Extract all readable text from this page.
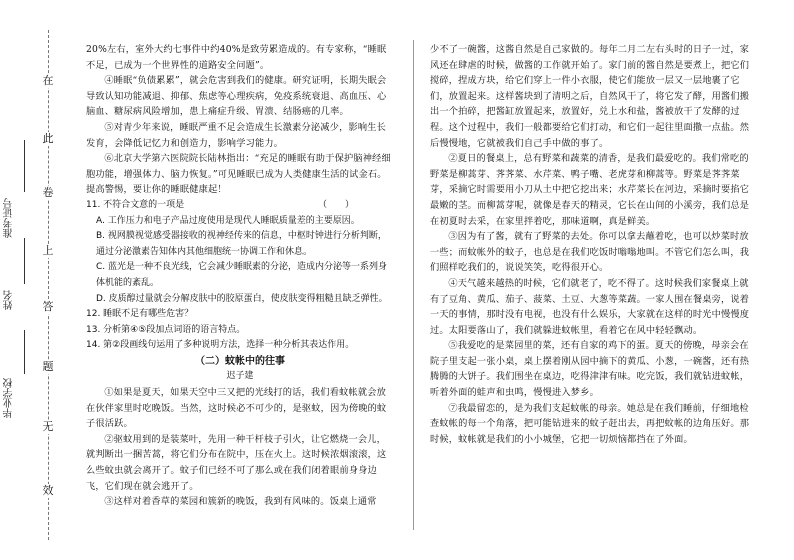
在
此
卷
上
答
题
无
效
准考证号
姓名
毕业学校

20%左右，室外大约七事件中约40%是致劳累造成的。有专家称，“睡眠不足，已成为一个世界性的道路安全问题”。

④睡眠“负债累累”，就会危害到我们的健康。研究证明，长期失眠会导致认知功能减退、抑郁、焦虑等心理疾病，免疫系统衰退、高血压、心脑血、糖尿病风险增加，患上痛症升级、胃溃、结肠癌的几率。

⑤对青少年来说，睡眠严重不足会造成生长激素分泌减少，影响生长发育，会降低记忆力和创造力，影响学习能力。

⑥北京大学第六医院院长陆林指出：“充足的睡眠有助于保护脑神经细胞功能，增强体力、脑力恢复。”可见睡眠已成为人类健康生活的试金石。提高警惕，要让你的睡眠健康起！

11. 不符合文意的一项是	（　　）

A. 工作压力和电子产品过度使用是现代人睡眠质量差的主要原因。

B. 视网膜视觉感受器接收的视神经传来的信息，中枢时钟进行分析判断，通过分泌激素告知体内其他细胞统一协调工作和休息。

C. 蓝光是一种不良光线，它会减少睡眠素的分泌，造成内分泌等一系列身体机能的紊乱。

D. 皮质醇过量就会分解皮肤中的胶原蛋白，使皮肤变得粗糙且缺乏弹性。

12. 睡眠不足有哪些危害？

13. 分析第④⑤段加点词语的语言特点。

14. 第②段画线句运用了多种说明方法，选择一种分析其表达作用。

（二）蚊帐中的往事

迟子建

①如果是夏天，如果天空中三又把的光线打的话，我们看蚊帐就会放在伙伴家里时吃晚饭。当然，这时候必不可少的，是驱蚊，因为傍晚的蚊子很活跃。

②驱蚊用到的是装菜叶，先用一种干杆枝子引火，让它燃烧一会儿，就判断出一捆苦蒿，将它们分布在院中，压在火上。这时候浓烟滚滚，这么些蚊虫就会离开了。蚊子们已经不可了那么或在我们闭着眼前身身边飞，它们现在就会逃开了。

③这样对着香草的菜园和簇新的晚饭，我到有风味的。饭桌上通常

少不了一碗酱，这酱自然是自己家做的。每年二月二左右头时的日子一过，家风还在肆虐的时候，做酱的工作就开始了。家门前的酱自然是要煮上，把它们搅碎，捏成方块，给它们穿上一件小衣服，使它们能放一层又一层地裹了它们，放置起来。这样酱块到了清明之后，自然风干了，将它发了酵，用酱们搬出一个拍碎，把酱缸放置起来，放置好，兑上水和盐，酱被放干了发酵的过程。这个过程中，我们一般都要给它们打动，和它们一起往里面撒一点盐。然后慢慢地，它就被我们自己手中做的事了。

②夏日的餐桌上，总有野菜和蔬菜的清香，是我们最爱吃的。我们常吃的野菜是柳蒿芽、荠荠菜、水芹菜、鸭子嘴、老虎芽和柳蒿等。野菜是荠荠菜芽，采摘它时需要用小刀从土中把它挖出来；水芹菜长在河边，采摘时要掐它最嫩的茎。而柳蒿芽呢，就像是春天的精灵，它长在山间的小溪旁，我们总是在初夏时去采，在家里拌着吃，那味道啊，真是鲜美。

③因为有了酱，就有了野菜的去处。你可以拿去蘸着吃，也可以炒菜时放一些；而蚊帐外的蚊子，也总是在我们吃饭时嗡嗡地叫。不管它们怎么叫，我们照样吃我们的，说说笑笑，吃得很开心。

④天气越来越热的时候，它们就老了，吃不得了。这时候我们家餐桌上就有了豆角、黄瓜、茄子、菠菜、土豆、大葱等菜蔬。一家人围在餐桌旁，说着一天的事情，那时没有电视，也没有什么娱乐，大家就在这样的时光中慢慢度过。太阳要落山了，我们就躲进蚊帐里，看着它在风中轻轻飘动。

⑤我爱吃的是菜园里的菜，还有自家的鸡下的蛋。夏天的傍晚，母亲会在院子里支起一张小桌，桌上摆着刚从园中摘下的黄瓜、小葱，一碗酱，还有热腾腾的大饼子。我们围坐在桌边，吃得津津有味。吃完饭，我们就钻进蚊帐，听着外面的蛙声和虫鸣，慢慢进入梦乡。

⑦我最留恋的，是为我们支起蚊帐的母亲。她总是在我们睡前，仔细地检查蚊帐的每一个角落，把可能钻进来的蚊子赶出去，再把蚊帐的边角压好。那时候，蚊帐就是我们的小小城堡，它把一切烦恼都挡在了外面。
